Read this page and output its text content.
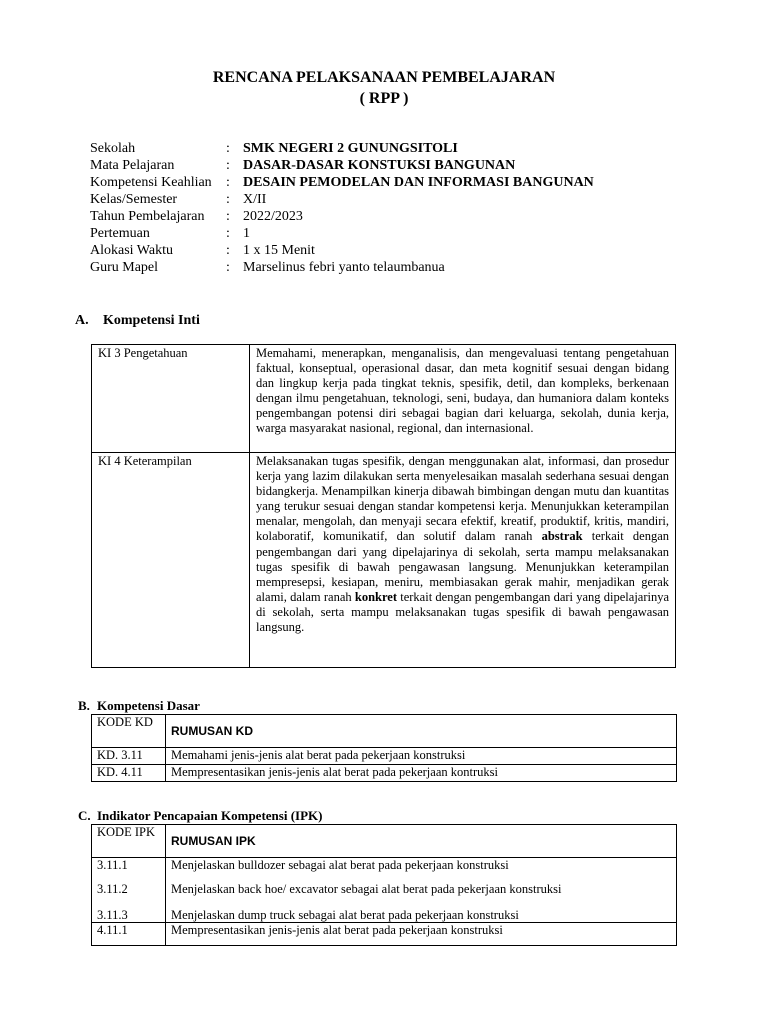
RENCANA PELAKSANAAN PEMBELAJARAN
( RPP )
Sekolah	: SMK NEGERI 2 GUNUNGSITOLI
Mata Pelajaran	: DASAR-DASAR KONSTUKSI BANGUNAN
Kompetensi Keahlian : DESAIN PEMODELAN DAN INFORMASI BANGUNAN
Kelas/Semester	: X/II
Tahun Pembelajaran : 2022/2023
Pertemuan	: 1
Alokasi Waktu	: 1 x 15 Menit
Guru Mapel	: Marselinus febri yanto telaumbanua
A. Kompetensi Inti
KI 3 Pengetahuan	Memahami, menerapkan, menganalisis, dan mengevaluasi tentang pengetahuan faktual, konseptual, operasional dasar, dan meta kognitif sesuai dengan bidang dan lingkup kerja pada tingkat teknis, spesifik, detil, dan kompleks, berkenaan dengan ilmu pengetahuan, teknologi, seni, budaya, dan humaniora dalam konteks pengembangan potensi diri sebagai bagian dari keluarga, sekolah, dunia kerja, warga masyarakat nasional, regional, dan internasional.
KI 4 Keterampilan	Melaksanakan tugas spesifik, dengan menggunakan alat, informasi, dan prosedur kerja yang lazim dilakukan serta menyelesaikan masalah sederhana sesuai dengan bidangkerja. Menampilkan kinerja dibawah bimbingan dengan mutu dan kuantitas yang terukur sesuai dengan standar kompetensi kerja. Menunjukkan keterampilan menalar, mengolah, dan menyaji secara efektif, kreatif, produktif, kritis, mandiri, kolaboratif, komunikatif, dan solutif dalam ranah abstrak terkait dengan pengembangan dari yang dipelajarinya di sekolah, serta mampu melaksanakan tugas spesifik di bawah pengawasan langsung. Menunjukkan keterampilan mempresepsi, kesiapan, meniru, membiasakan gerak mahir, menjadikan gerak alami, dalam ranah konkret terkait dengan pengembangan dari yang dipelajarinya di sekolah, serta mampu melaksanakan tugas spesifik di bawah pengawasan langsung.
B. Kompetensi Dasar
KODE KD	RUMUSAN KD
KD. 3.11	Memahami jenis-jenis alat berat pada pekerjaan konstruksi
KD. 4.11	Mempresentasikan jenis-jenis alat berat pada pekerjaan kontruksi
C. Indikator Pencapaian Kompetensi (IPK)
KODE IPK	RUMUSAN IPK
3.11.1	Menjelaskan bulldozer sebagai alat berat pada pekerjaan konstruksi
3.11.2	Menjelaskan back hoe/ excavator sebagai alat berat pada pekerjaan konstruksi
3.11.3	Menjelaskan dump truck sebagai alat berat pada pekerjaan konstruksi
4.11.1	Mempresentasikan jenis-jenis alat berat pada pekerjaan konstruksi
